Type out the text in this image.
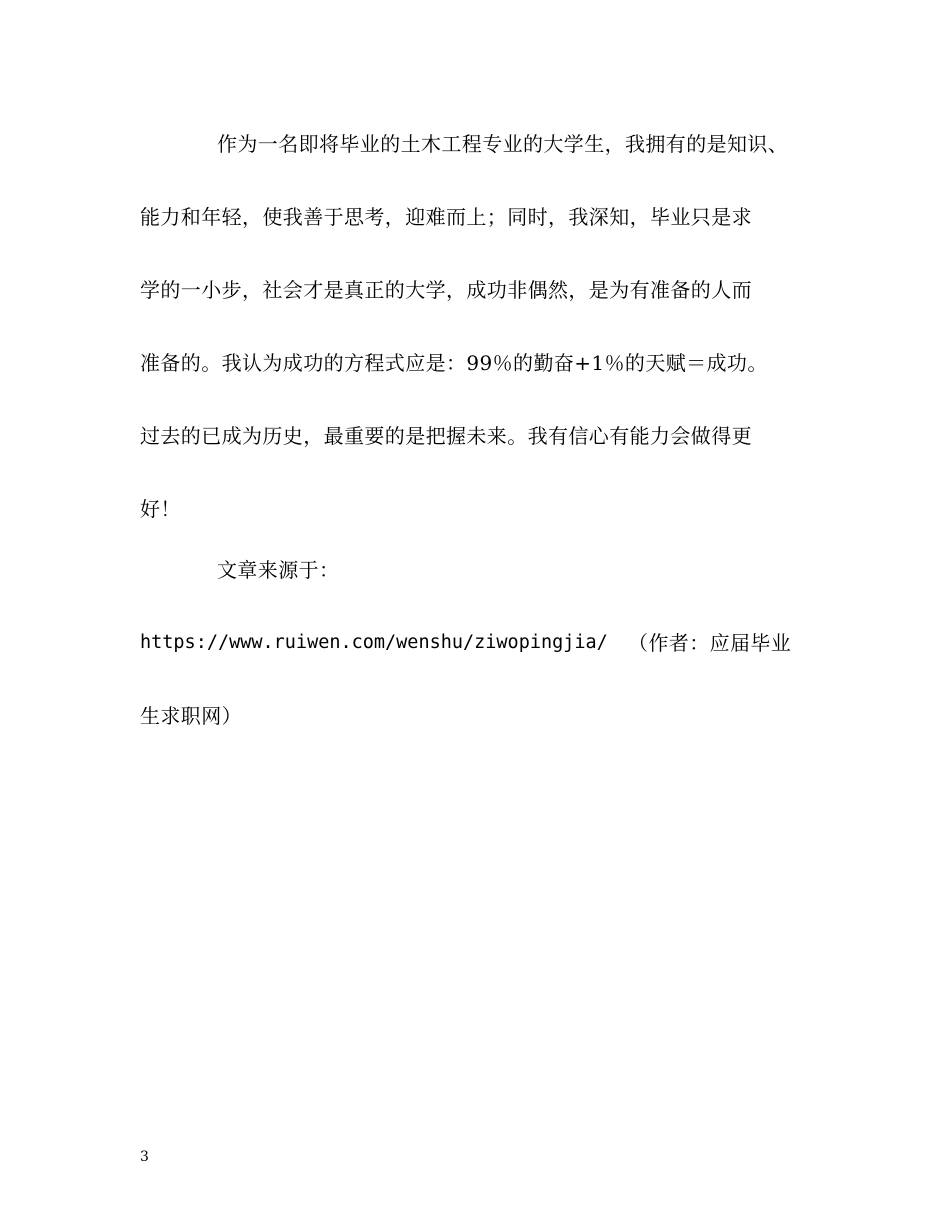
作为一名即将毕业的土木工程专业的大学生，我拥有的是知识、
能力和年轻，使我善于思考，迎难而上；同时，我深知，毕业只是求
学的一小步，社会才是真正的大学，成功非偶然，是为有准备的人而
准备的。我认为成功的方程式应是：99％的勤奋+1％的天赋＝成功。
过去的已成为历史，最重要的是把握未来。我有信心有能力会做得更
好！
文章来源于：
https://www.ruiwen.com/wenshu/ziwopingjia/ （作者：应届毕业
生求职网）
3
